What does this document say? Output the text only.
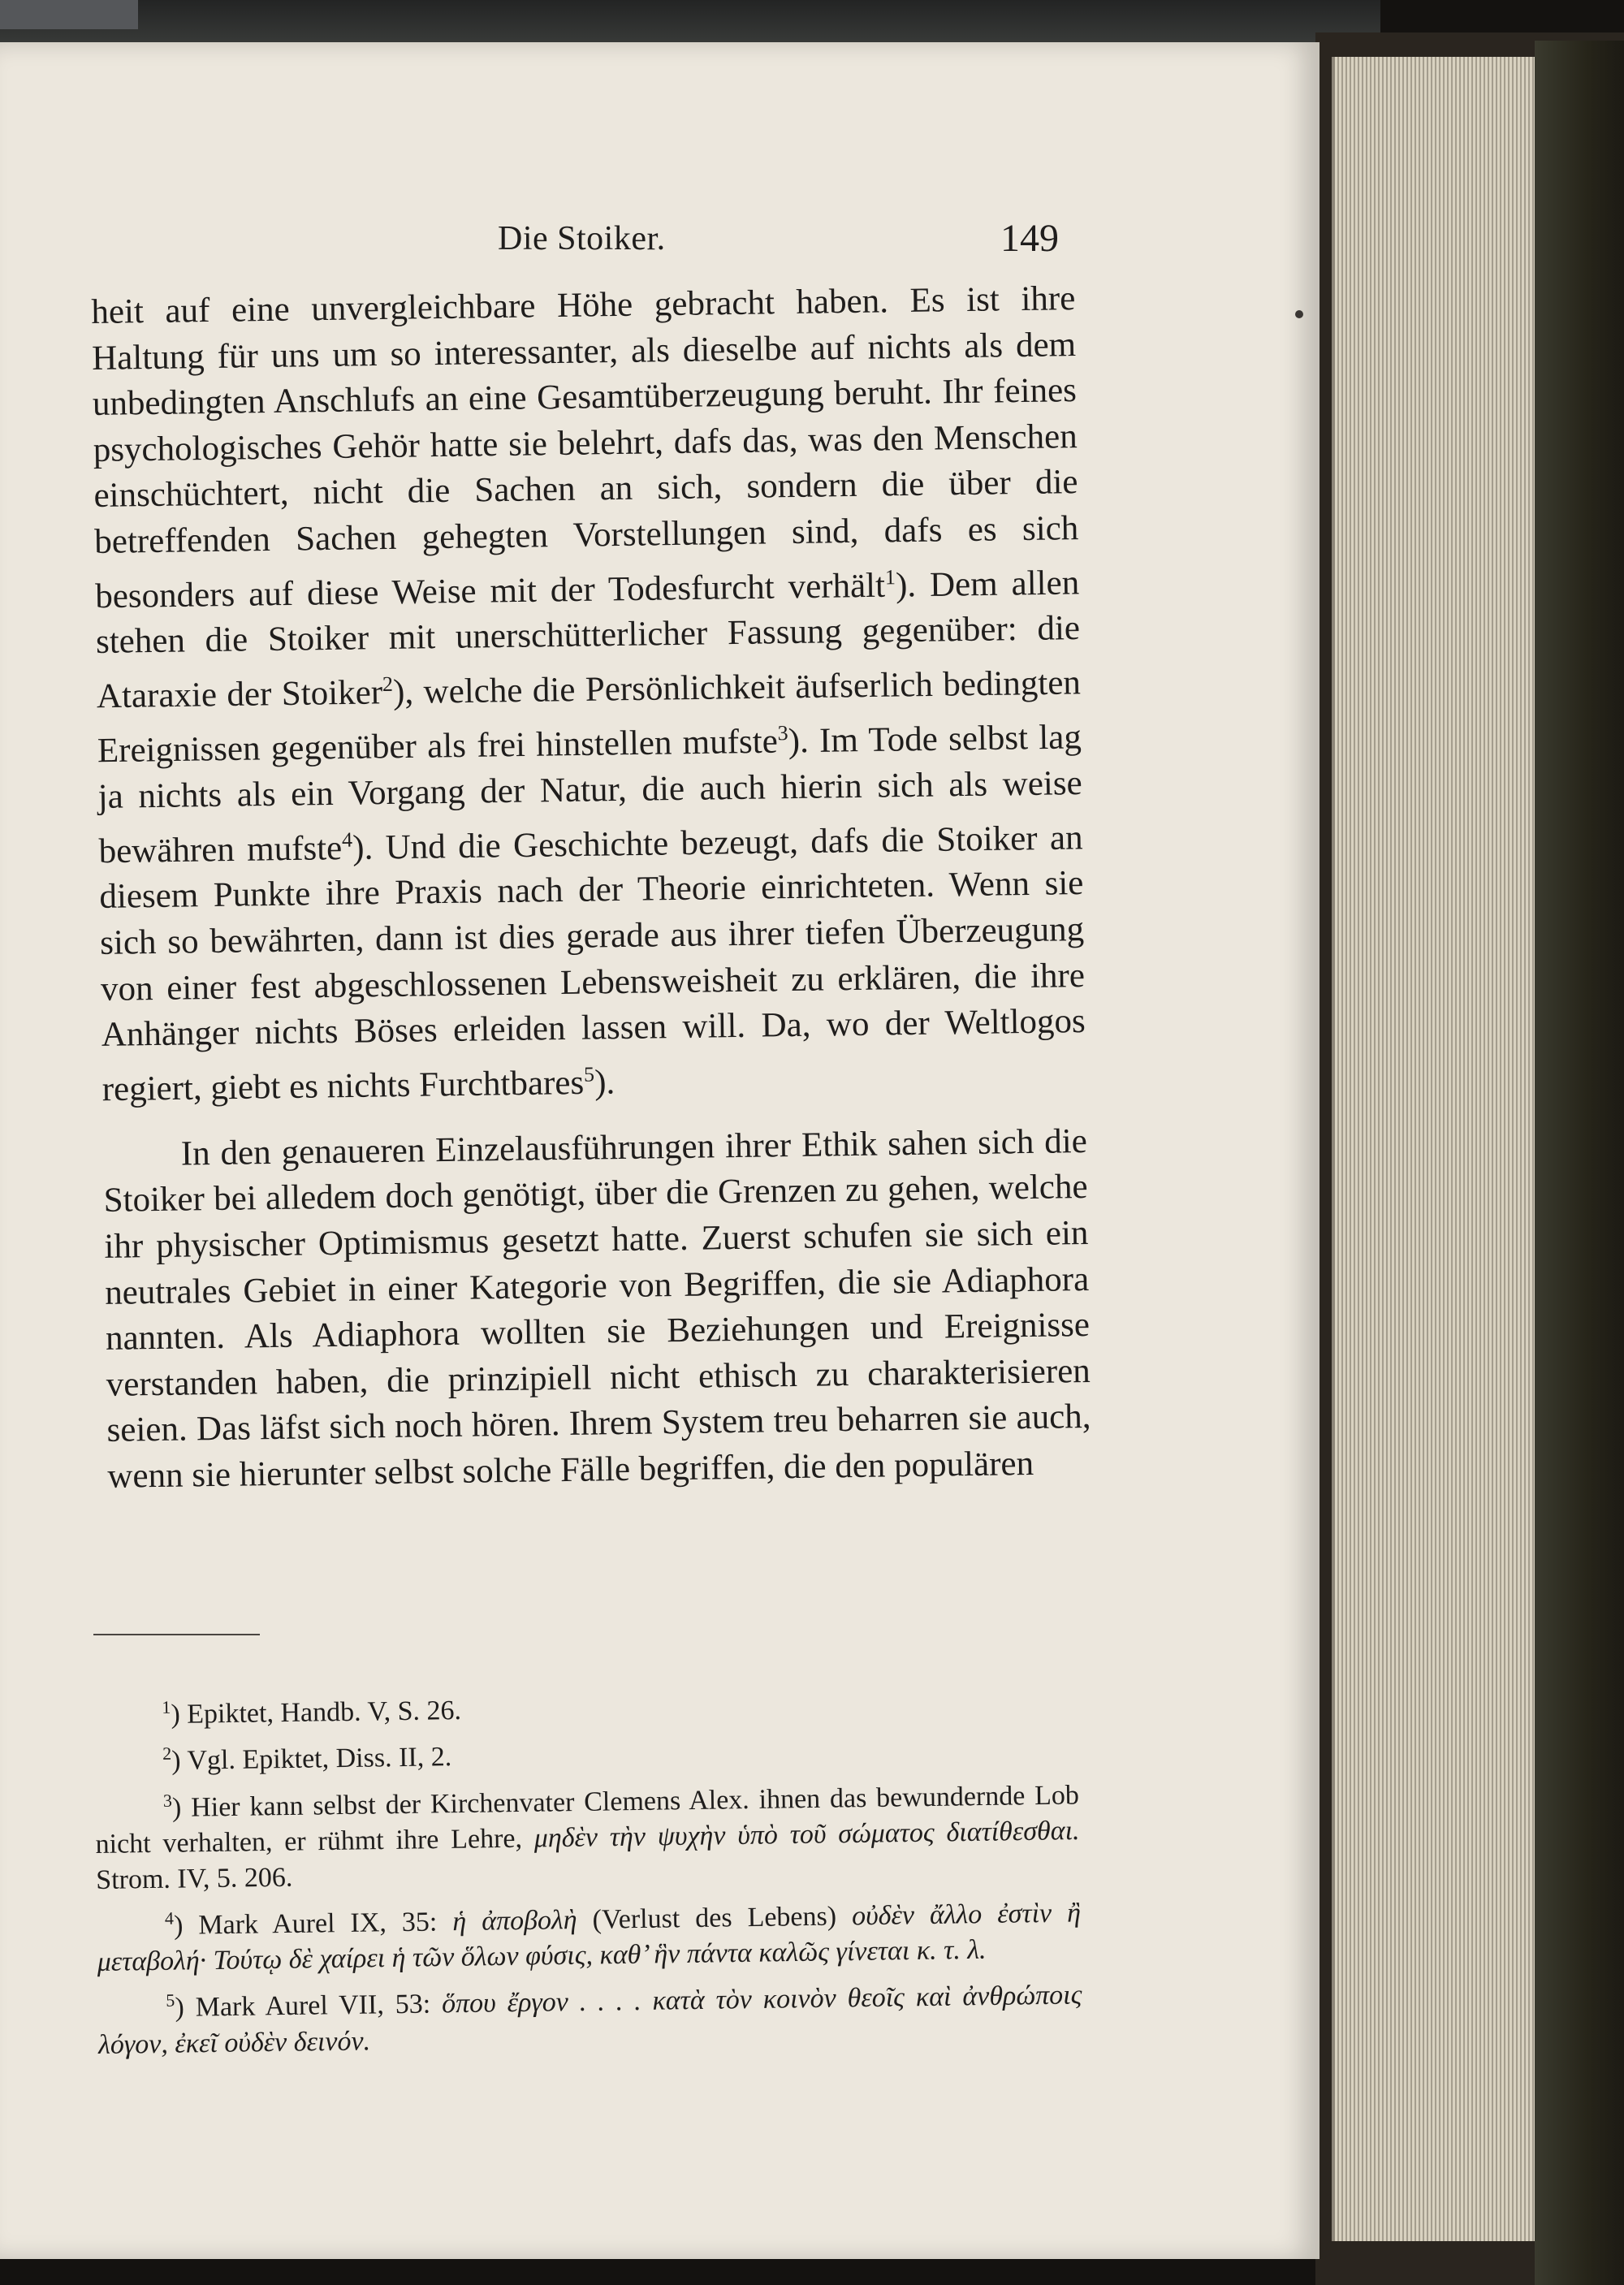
Die Stoiker.	149

heit auf eine unvergleichbare Höhe gebracht haben. Es ist ihre Haltung für uns um so interessanter, als dieselbe auf nichts als dem unbedingten Anschlufs an eine Gesamtüberzeugung beruht. Ihr feines psychologisches Gehör hatte sie belehrt, dafs das, was den Menschen einschüchtert, nicht die Sachen an sich, sondern die über die betreffenden Sachen gehegten Vorstellungen sind, dafs es sich besonders auf diese Weise mit der Todesfurcht verhält$^1$). Dem allen stehen die Stoiker mit unerschütterlicher Fassung gegenüber: die Ataraxie der Stoiker$^2$), welche die Persönlichkeit äufserlich bedingten Ereignissen gegenüber als frei hinstellen mufste$^3$). Im Tode selbst lag ja nichts als ein Vorgang der Natur, die auch hierin sich als weise bewähren mufste$^4$). Und die Geschichte bezeugt, dafs die Stoiker an diesem Punkte ihre Praxis nach der Theorie einrichteten. Wenn sie sich so bewährten, dann ist dies gerade aus ihrer tiefen Überzeugung von einer fest abgeschlossenen Lebensweisheit zu erklären, die ihre Anhänger nichts Böses erleiden lassen will. Da, wo der Weltlogos regiert, giebt es nichts Furchtbares$^5$).

In den genaueren Einzelausführungen ihrer Ethik sahen sich die Stoiker bei alledem doch genötigt, über die Grenzen zu gehen, welche ihr physischer Optimismus gesetzt hatte. Zuerst schufen sie sich ein neutrales Gebiet in einer Kategorie von Begriffen, die sie Adiaphora nannten. Als Adiaphora wollten sie Beziehungen und Ereignisse verstanden haben, die prinzipiell nicht ethisch zu charakterisieren seien. Das läfst sich noch hören. Ihrem System treu beharren sie auch, wenn sie hierunter selbst solche Fälle begriffen, die den populären

$^1$) Epiktet, Handb. V, S. 26.

$^2$) Vgl. Epiktet, Diss. II, 2.

$^3$) Hier kann selbst der Kirchenvater Clemens Alex. ihnen das bewundernde Lob nicht verhalten, er rühmt ihre Lehre, μηδὲν τὴν ψυχὴν ὑπὸ τοῦ σώματος διατίθεσθαι. Strom. IV, 5. 206.

$^4$) Mark Aurel IX, 35: ἡ ἀποβολὴ (Verlust des Lebens) οὐδὲν ἄλλο ἐστὶν ἢ μεταβολή· Τούτῳ δὲ χαίρει ἡ τῶν ὅλων φύσις, καθ’ ἣν πάντα καλῶς γίνεται κ. τ. λ.

$^5$) Mark Aurel VII, 53: ὅπου ἔργον . . . . κατὰ τὸν κοινὸν θεοῖς καὶ ἀνθρώποις λόγον, ἐκεῖ οὐδὲν δεινόν.
